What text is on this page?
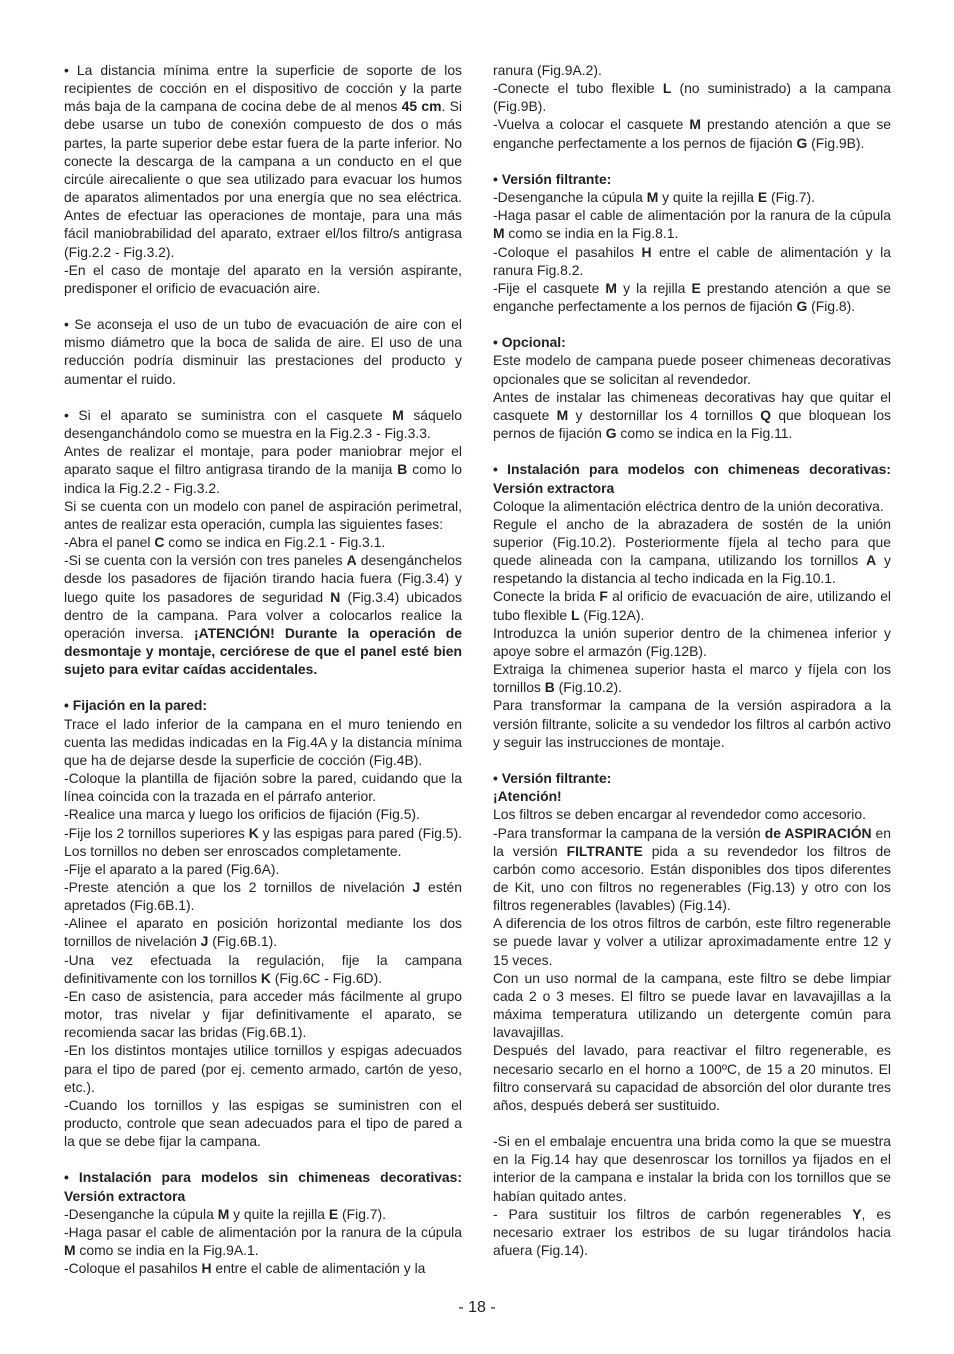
• La distancia mínima entre la superficie de soporte de los recipientes de cocción en el dispositivo de cocción y la parte más baja de la campana de cocina debe de al menos 45 cm. Si debe usarse un tubo de conexión compuesto de dos o más partes, la parte superior debe estar fuera de la parte inferior. No conecte la descarga de la campana a un conducto en el que circúle airecaliente o que sea utilizado para evacuar los humos de aparatos alimentados por una energía que no sea eléctrica. Antes de efectuar las operaciones de montaje, para una más fácil maniobrabilidad del aparato, extraer el/los filtro/s antigrasa (Fig.2.2 - Fig.3.2).

-En el caso de montaje del aparato en la versión aspirante, predisponer el orificio de evacuación aire.

• Se aconseja el uso de un tubo de evacuación de aire con el mismo diámetro que la boca de salida de aire. El uso de una reducción podría disminuir las prestaciones del producto y aumentar el ruido.

• Si el aparato se suministra con el casquete M sáquelo desenganchándolo como se muestra en la Fig.2.3 - Fig.3.3.

Antes de realizar el montaje, para poder maniobrar mejor el aparato saque el filtro antigrasa tirando de la manija B como lo indica la Fig.2.2 - Fig.3.2.

Si se cuenta con un modelo con panel de aspiración perimetral, antes de realizar esta operación, cumpla las siguientes fases:

-Abra el panel C como se indica en Fig.2.1 - Fig.3.1.

-Si se cuenta con la versión con tres paneles A desengánchelos desde los pasadores de fijación tirando hacia fuera (Fig.3.4) y luego quite los pasadores de seguridad N (Fig.3.4) ubicados dentro de la campana. Para volver a colocarlos realice la operación inversa. ¡ATENCIÓN! Durante la operación de desmontaje y montaje, cerciórese de que el panel esté bien sujeto para evitar caídas accidentales.

• Fijación en la pared:

Trace el lado inferior de la campana en el muro teniendo en cuenta las medidas indicadas en la Fig.4A y la distancia mínima que ha de dejarse desde la superficie de cocción (Fig.4B).

-Coloque la plantilla de fijación sobre la pared, cuidando que la línea coincida con la trazada en el párrafo anterior.

-Realice una marca y luego los orificios de fijación (Fig.5).

-Fije los 2 tornillos superiores K y las espigas para pared (Fig.5). Los tornillos no deben ser enroscados completamente.

-Fije el aparato a la pared (Fig.6A).

-Preste atención a que los 2 tornillos de nivelación J estén apretados (Fig.6B.1).

-Alinee el aparato en posición horizontal mediante los dos tornillos de nivelación J (Fig.6B.1).

-Una vez efectuada la regulación, fije la campana definitivamente con los tornillos K (Fig.6C - Fig.6D).

-En caso de asistencia, para acceder más fácilmente al grupo motor, tras nivelar y fijar definitivamente el aparato, se recomienda sacar las bridas (Fig.6B.1).

-En los distintos montajes utilice tornillos y espigas adecuados para el tipo de pared (por ej. cemento armado, cartón de yeso, etc.).

-Cuando los tornillos y las espigas se suministren con el producto, controle que sean adecuados para el tipo de pared a la que se debe fijar la campana.

• Instalación para modelos sin chimeneas decorativas: Versión extractora

-Desenganche la cúpula M y quite la rejilla E (Fig.7).

-Haga pasar el cable de alimentación por la ranura de la cúpula M como se india en la Fig.9A.1.

-Coloque el pasahilos H entre el cable de alimentación y la

ranura (Fig.9A.2).

-Conecte el tubo flexible L (no suministrado) a la campana (Fig.9B).

-Vuelva a colocar el casquete M prestando atención a que se enganche perfectamente a los pernos de fijación G (Fig.9B).

• Versión filtrante:

-Desenganche la cúpula M y quite la rejilla E (Fig.7).

-Haga pasar el cable de alimentación por la ranura de la cúpula M como se india en la Fig.8.1.

-Coloque el pasahilos H entre el cable de alimentación y la ranura Fig.8.2.

-Fije el casquete M y la rejilla E prestando atención a que se enganche perfectamente a los pernos de fijación G (Fig.8).

• Opcional:

Este modelo de campana puede poseer chimeneas decorativas opcionales que se solicitan al revendedor.

Antes de instalar las chimeneas decorativas hay que quitar el casquete M y destornillar los 4 tornillos Q que bloquean los pernos de fijación G como se indica en la Fig.11.

• Instalación para modelos con chimeneas decorativas: Versión extractora

Coloque la alimentación eléctrica dentro de la unión decorativa.

Regule el ancho de la abrazadera de sostén de la unión superior (Fig.10.2). Posteriormente fíjela al techo para que quede alineada con la campana, utilizando los tornillos A y respetando la distancia al techo indicada en la Fig.10.1.

Conecte la brida F al orificio de evacuación de aire, utilizando el tubo flexible L (Fig.12A).

Introduzca la unión superior dentro de la chimenea inferior y apoye sobre el armazón (Fig.12B).

Extraiga la chimenea superior hasta el marco y fíjela con los tornillos B (Fig.10.2).

Para transformar la campana de la versión aspiradora a la versión filtrante, solicite a su vendedor los filtros al carbón activo y seguir las instrucciones de montaje.

• Versión filtrante:

¡Atención!

Los filtros se deben encargar al revendedor como accesorio.

-Para transformar la campana de la versión de ASPIRACIÓN en la versión FILTRANTE pida a su revendedor los filtros de carbón como accesorio. Están disponibles dos tipos diferentes de Kit, uno con filtros no regenerables (Fig.13) y otro con los filtros regenerables (lavables) (Fig.14).

A diferencia de los otros filtros de carbón, este filtro regenerable se puede lavar y volver a utilizar aproximadamente entre 12 y 15 veces.

Con un uso normal de la campana, este filtro se debe limpiar cada 2 o 3 meses. El filtro se puede lavar en lavavajillas a la máxima temperatura utilizando un detergente común para lavavajillas.

Después del lavado, para reactivar el filtro regenerable, es necesario secarlo en el horno a 100ºC, de 15 a 20 minutos. El filtro conservará su capacidad de absorción del olor durante tres años, después deberá ser sustituido.

-Si en el embalaje encuentra una brida como la que se muestra en la Fig.14 hay que desenroscar los tornillos ya fijados en el interior de la campana e instalar la brida con los tornillos que se habían quitado antes.

- Para sustituir los filtros de carbón regenerables Y, es necesario extraer los estribos de su lugar tirándolos hacia afuera (Fig.14).

- 18 -
